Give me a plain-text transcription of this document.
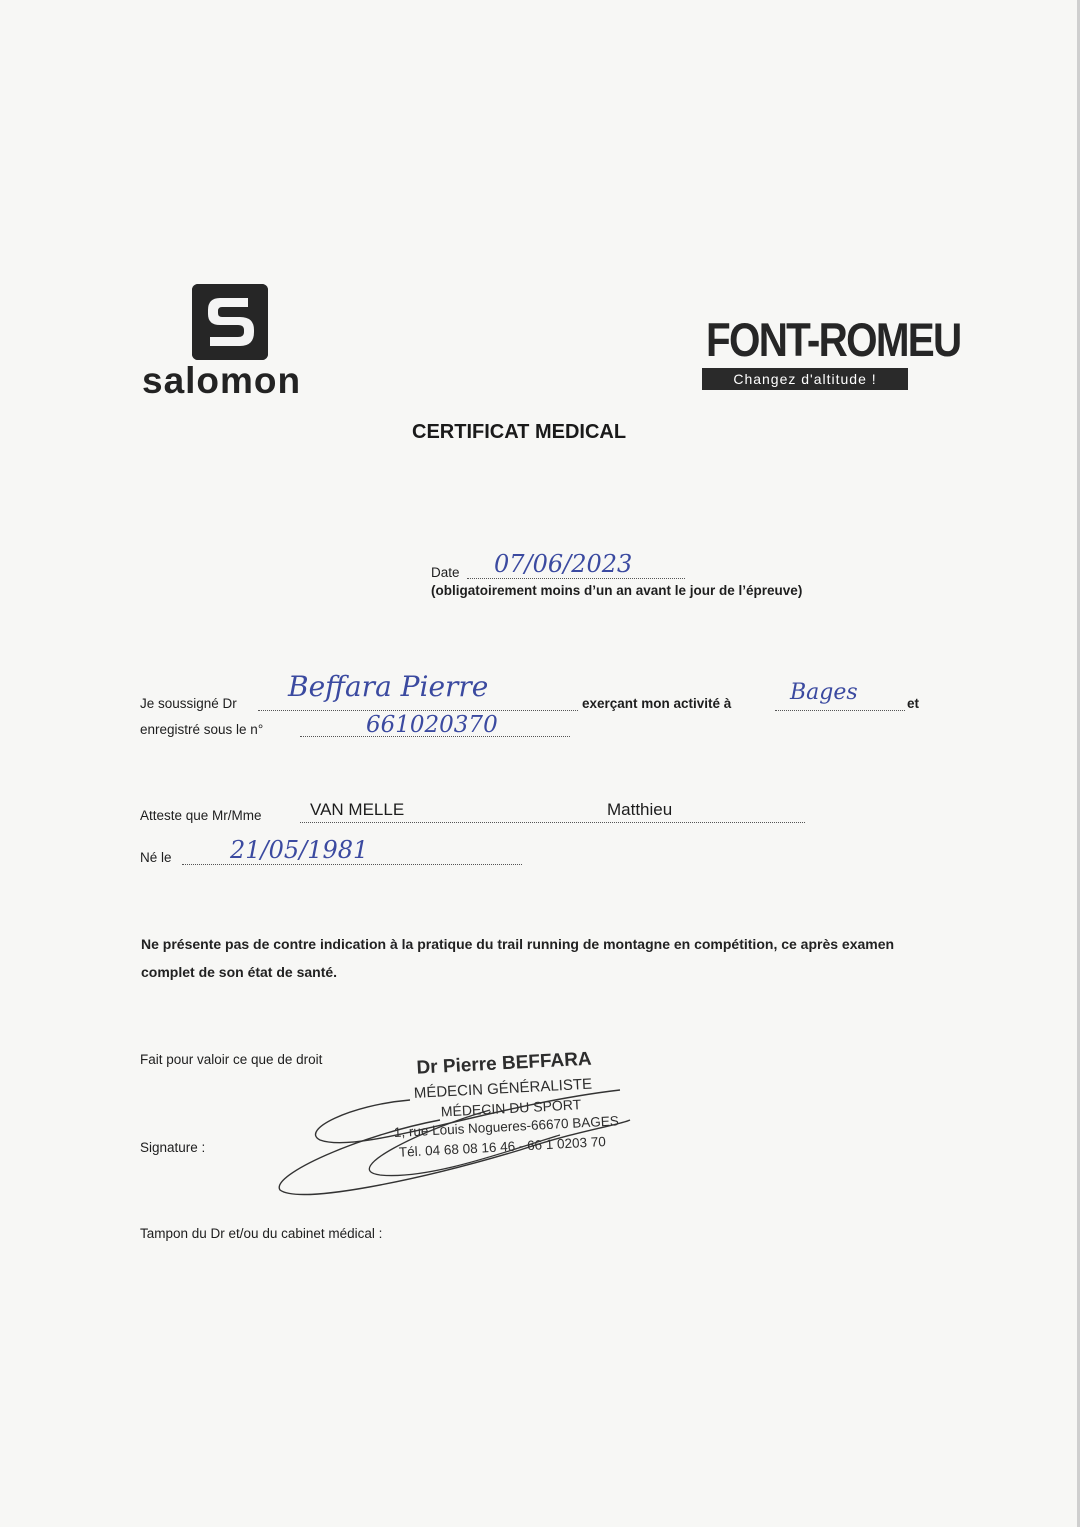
salomon
FONT-ROMEU
Changez d'altitude !
CERTIFICAT MEDICAL
Date 07/06/2023
(obligatoirement moins d’un an avant le jour de l’épreuve)
Je soussigné Dr
Beffara Pierre
exerçant mon activité à	Bages	et
enregistré sous le n°	661020370
Atteste que Mr/Mme	VAN MELLE	Matthieu
Né le 21/05/1981
Ne présente pas de contre indication à la pratique du trail running de montagne en compétition, ce après examen complet de son état de santé.
Fait pour valoir ce que de droit	Dr Pierre BEFFARA
MÉDECIN GÉNÉRALISTE
MÉDECIN DU SPORT
1, rue Louis Nogueres-66670 BAGES
Tél. 04 68 08 16 46 - 66 1 0203 70
Signature :
Tampon du Dr et/ou du cabinet médical :
